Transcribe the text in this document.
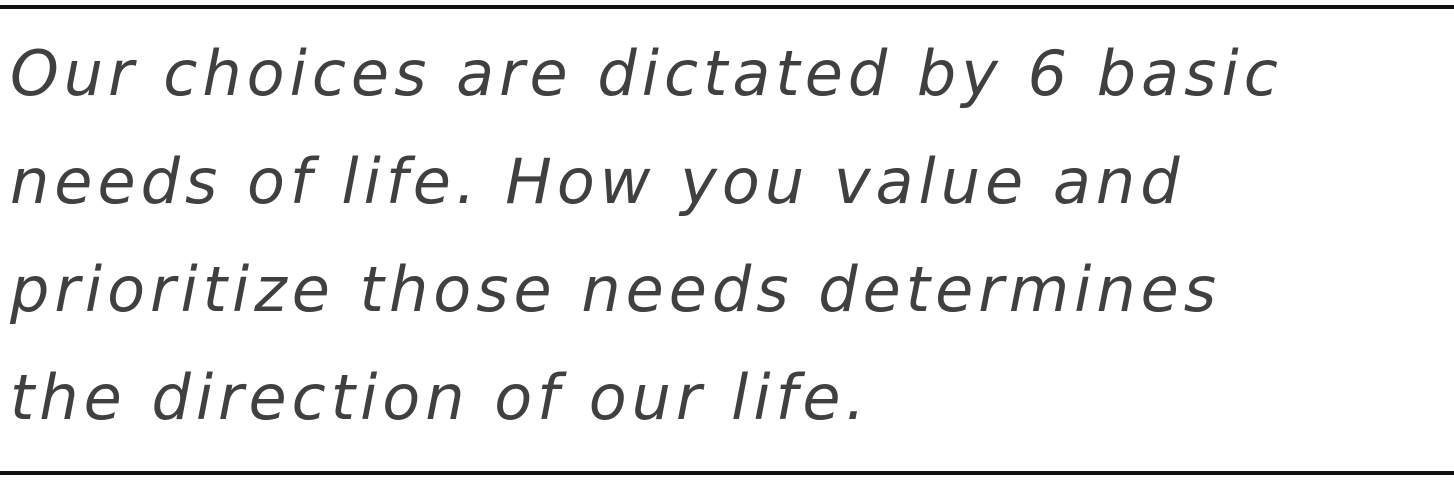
Our choices are dictated by 6 basic
needs of life. How you value and
prioritize those needs determines
the direction of our life.
